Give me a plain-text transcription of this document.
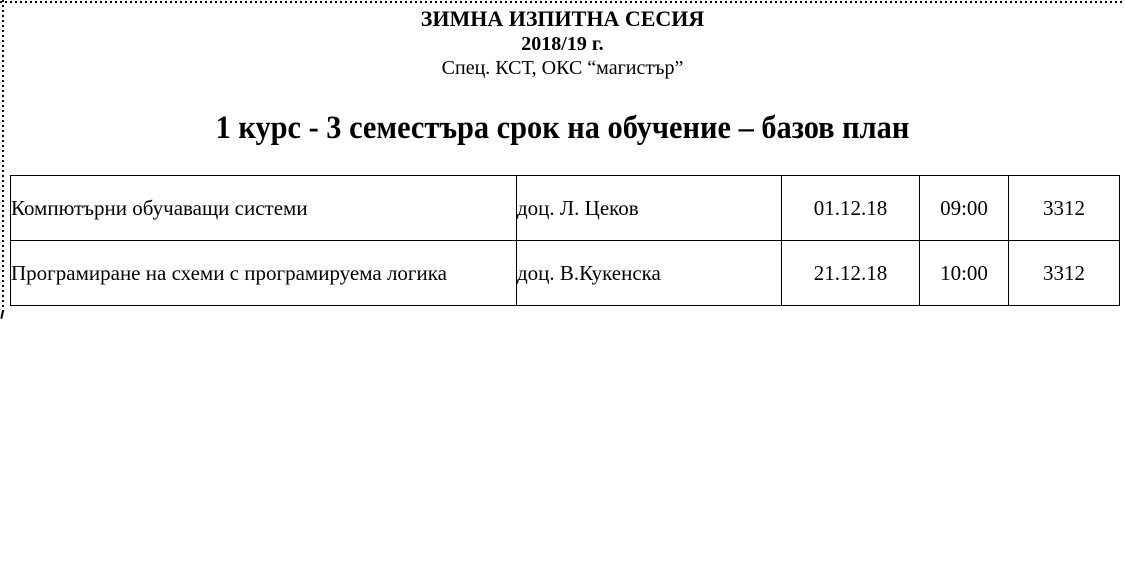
ЗИМНА ИЗПИТНА СЕСИЯ
2018/19 г.
Спец. КСТ, ОКС “магистър”
1 курс - 3 семестъра срок на обучение – базов план
Компютърни обучаващи системи	доц. Л. Цеков	01.12.18	09:00	3312
Програмиране на схеми с програмируема логика	доц. В.Кукенска	21.12.18	10:00	3312
